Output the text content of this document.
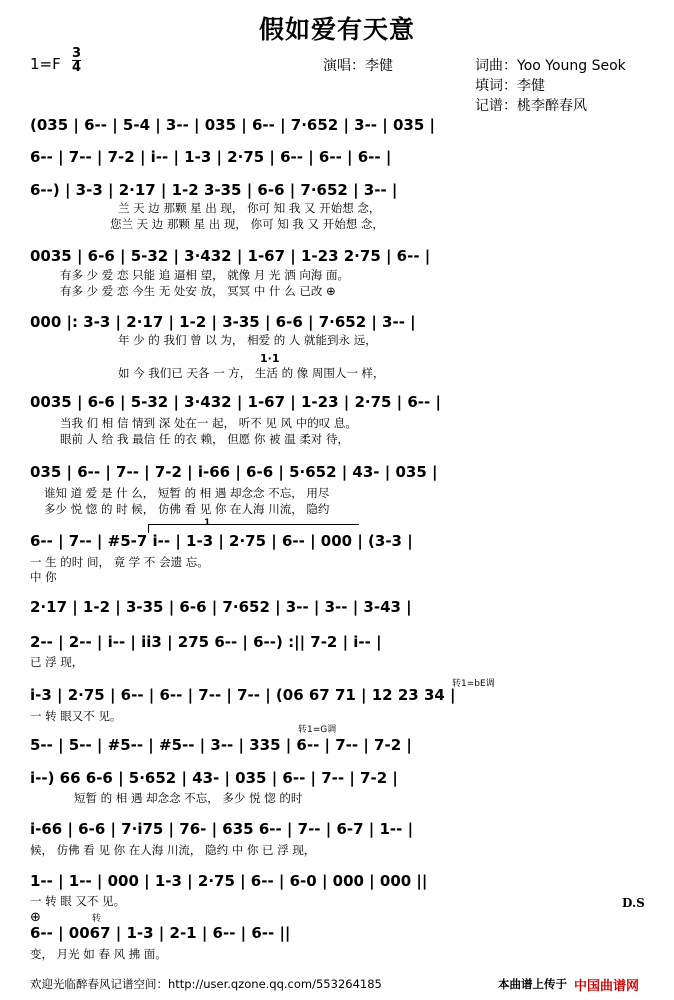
假如爱有天意
1=F
3
4	演唱：李健	词曲：Yoo Young Seok
填词：李健
记谱：桃李醉春风
(035 | 6-- | 5-4 | 3-- | 035 | 6-- | 7·652 | 3-- | 035 |
6-- | 7-- | 7-2 | i-- | 1-3 | 2·75 | 6-- | 6-- | 6-- |
6--) | 3-3 | 2·17 | 1-2 3-35 | 6-6 | 7·652 | 3-- |
兰 天 边 那颗 星 出 现， 你可 知 我 又 开始想 念，
您兰 天 边 那颗 星 出 现， 你可 知 我 又 开始想 念，
0035 | 6-6 | 5-32 | 3·432 | 1-67 | 1-23 2·75 | 6-- |
有多 少 爱 恋 只能 追 逼相 望， 就像 月 光 洒 向海 面。
有多 少 爱 恋 今生 无 处安 放， 冥冥 中 什 么 已改 ⊕
000 |: 3-3 | 2·17 | 1-2 | 3-35 | 6-6 | 7·652 | 3-- |
年 少 的 我们 曾 以 为， 相爱 的 人 就能到永 远，
1·1
如 今 我们已 天各 一 方， 生活 的 像 周围人一 样，
0035 | 6-6 | 5-32 | 3·432 | 1-67 | 1-23 | 2·75 | 6-- |
当我 们 相 信 情到 深 处在一 起， 听不 见 风 中的叹 息。
眼前 人 给 我 最信 任 的衣 赖， 但愿 你 被 温 柔对 待，
035 | 6-- | 7-- | 7-2 | i-66 | 6-6 | 5·652 | 43- | 035 |
谁知 道 爱 是 什 么， 短暂 的 相 遇 却念念 不忘， 用尽
多少 悦 惚 的 时 候， 仿佛 看 见 你 在人海 川流， 隐约
1
6-- | 7-- | #5-7 i-- | 1-3 | 2·75 | 6-- | 000 | (3-3 |
一 生 的时 间， 竟 学 不 会遗 忘。
中 你
2·17 | 1-2 | 3-35 | 6-6 | 7·652 | 3-- | 3-- | 3-43 |
2-- | 2-- | i-- | ii3 | 275 6-- | 6--) :|| 7-2 | i-- |
已 浮 现，
转1=bE调
i-3 | 2·75 | 6-- | 6-- | 7-- | 7-- | (06 67 71 | 12 23 34 |
一 转 眼又不 见。
转1=G调
5-- | 5-- | #5-- | #5-- | 3-- | 335 | 6-- | 7-- | 7-2 |
i--) 66 6-6 | 5·652 | 43- | 035 | 6-- | 7-- | 7-2 |
短暂 的 相 遇 却念念 不忘， 多少 悦 惚 的时
i-66 | 6-6 | 7·i75 | 76- | 635 6-- | 7-- | 6-7 | 1-- |
候， 仿佛 看 见 你 在人海 川流， 隐约 中 你 已 浮 现，
1-- | 1-- | 000 | 1-3 | 2·75 | 6-- | 6-0 | 000 | 000 ||
一 转 眼 又不 见。	D.S
⊕	转
6-- | 0067 | 1-3 | 2-1 | 6-- | 6-- ||
变， 月光 如 春 风 拂 面。
欢迎光临醉春风记谱空间：http://user.qzone.qq.com/553264185	本曲谱上传于 中国曲谱网
